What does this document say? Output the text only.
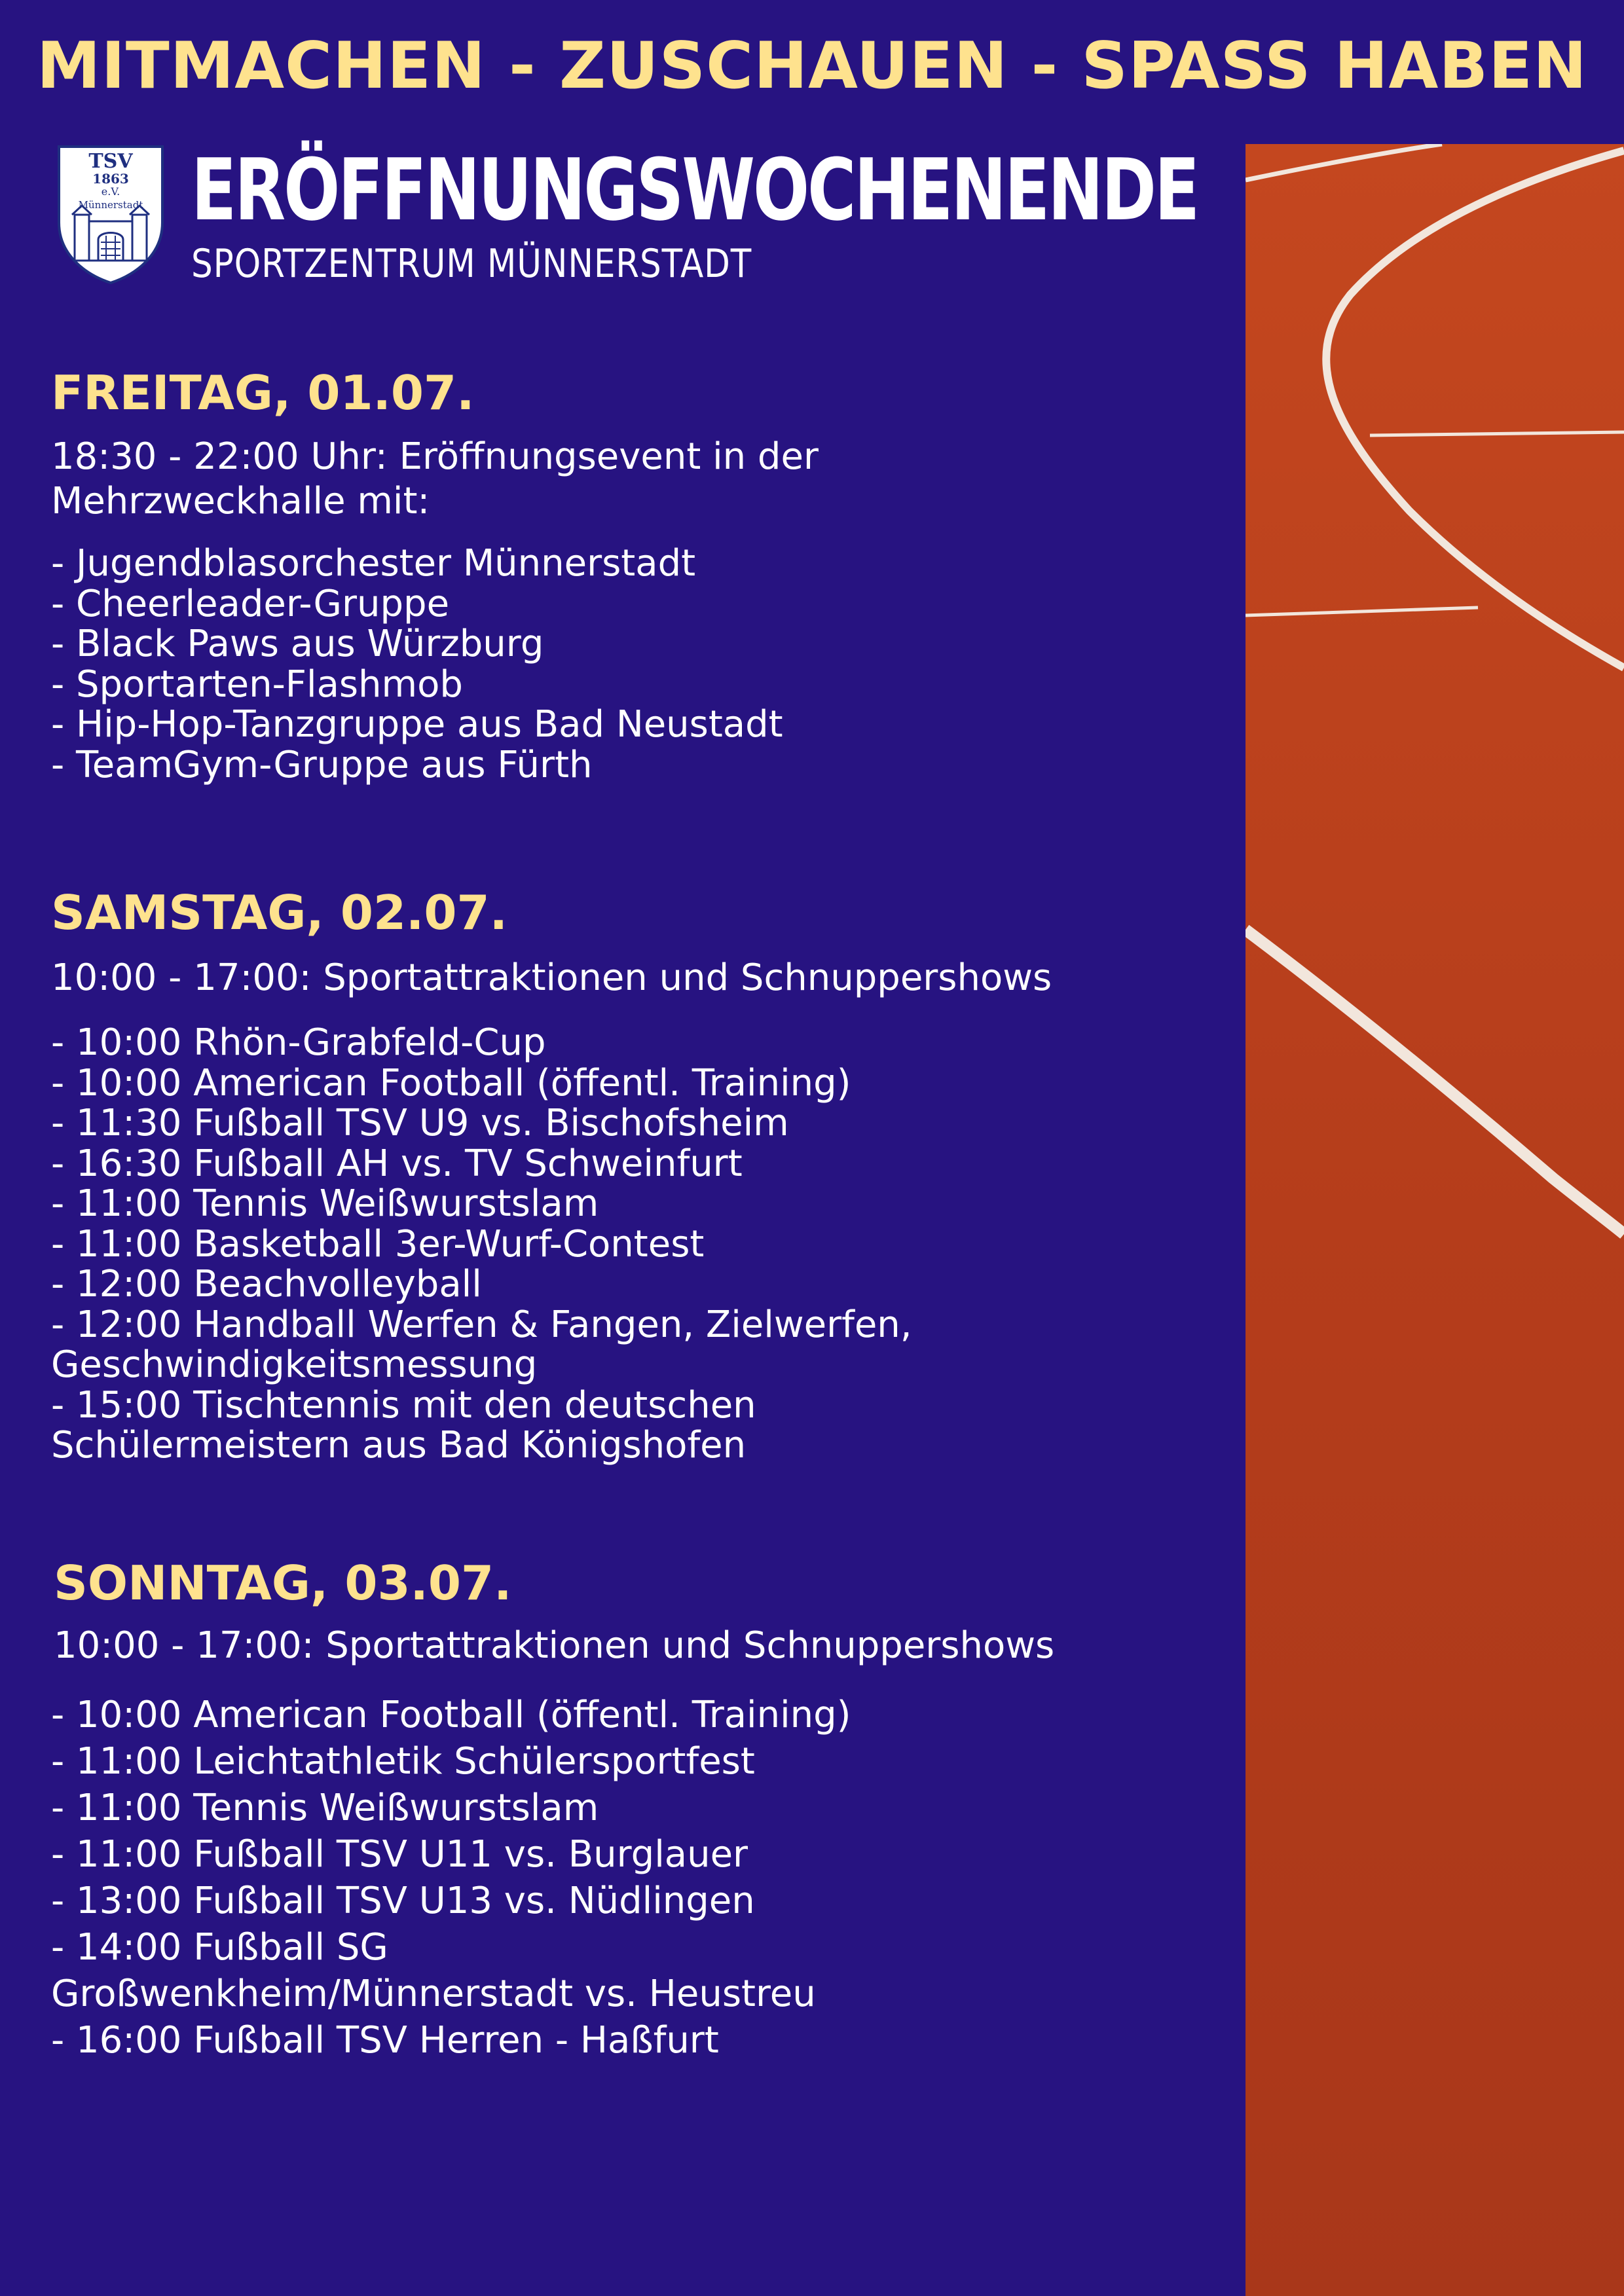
MITMACHEN - ZUSCHAUEN - SPASS HABEN
TSV
1863
e.V.
Münnerstadt ERÖFFNUNGSWOCHENENDE
SPORTZENTRUM MÜNNERSTADT
FREITAG, 01.07.
18:30 - 22:00 Uhr: Eröffnungsevent in der
Mehrzweckhalle mit:
- Jugendblasorchester Münnerstadt
- Cheerleader-Gruppe
- Black Paws aus Würzburg
- Sportarten-Flashmob
- Hip-Hop-Tanzgruppe aus Bad Neustadt
- TeamGym-Gruppe aus Fürth
SAMSTAG, 02.07.
10:00 - 17:00: Sportattraktionen und Schnuppershows
- 10:00 Rhön-Grabfeld-Cup
- 10:00 American Football (öffentl. Training)
- 11:30 Fußball TSV U9 vs. Bischofsheim
- 16:30 Fußball AH vs. TV Schweinfurt
- 11:00 Tennis Weißwurstslam
- 11:00 Basketball 3er-Wurf-Contest
- 12:00 Beachvolleyball
- 12:00 Handball Werfen & Fangen, Zielwerfen,
Geschwindigkeitsmessung
- 15:00 Tischtennis mit den deutschen
Schülermeistern aus Bad Königshofen
SONNTAG, 03.07.
10:00 - 17:00: Sportattraktionen und Schnuppershows
- 10:00 American Football (öffentl. Training)
- 11:00 Leichtathletik Schülersportfest
- 11:00 Tennis Weißwurstslam
- 11:00 Fußball TSV U11 vs. Burglauer
- 13:00 Fußball TSV U13 vs. Nüdlingen
- 14:00 Fußball SG
Großwenkheim/Münnerstadt vs. Heustreu
- 16:00 Fußball TSV Herren - Haßfurt
